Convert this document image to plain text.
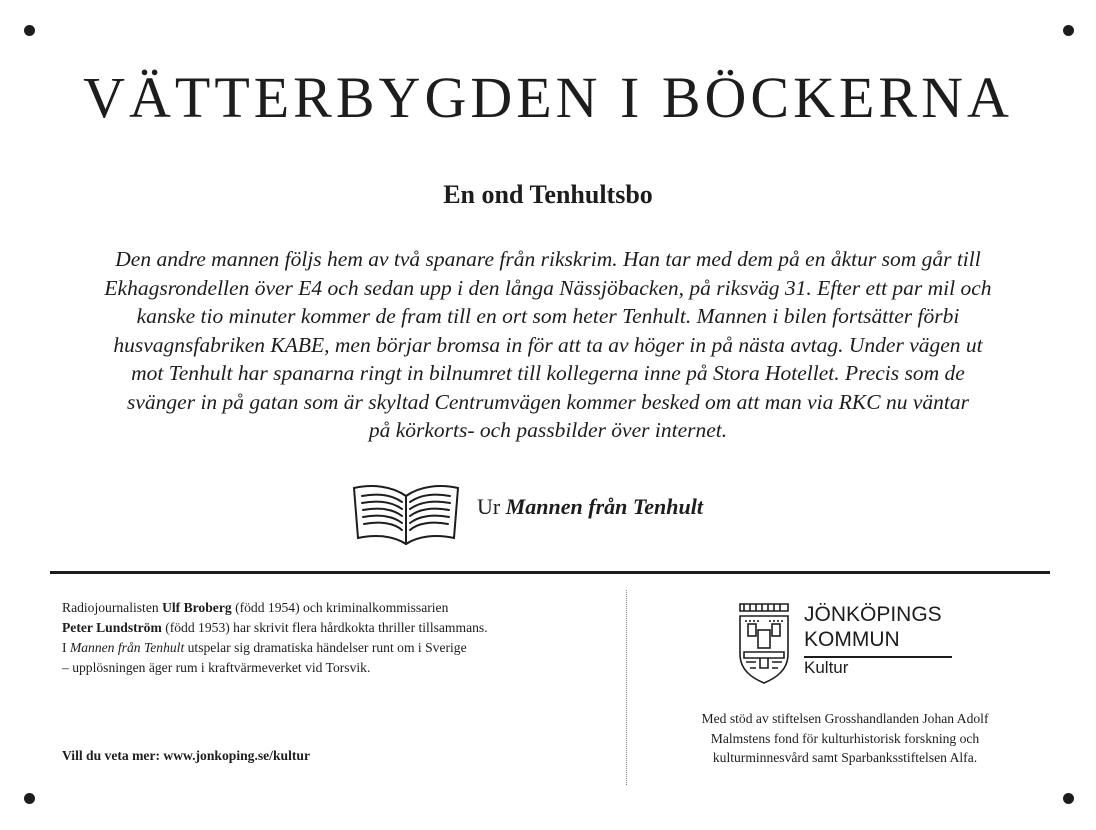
VÄTTERBYGDEN I BÖCKERNA
En ond Tenhultsbo

Den andre mannen följs hem av två spanare från rikskrim. Han tar med dem på en åktur som går till
Ekhagsrondellen över E4 och sedan upp i den långa Nässjöbacken, på riksväg 31. Efter ett par mil och
kanske tio minuter kommer de fram till en ort som heter Tenhult. Mannen i bilen fortsätter förbi
husvagnsfabriken KABE, men börjar bromsa in för att ta av höger in på nästa avtag. Under vägen ut
mot Tenhult har spanarna ringt in bilnumret till kollegerna inne på Stora Hotellet. Precis som de
svänger in på gatan som är skyltad Centrumvägen kommer besked om att man via RKC nu väntar
på körkorts- och passbilder över internet.

Ur Mannen från Tenhult
Radiojournalisten Ulf Broberg (född 1954) och kriminalkommissarien
Peter Lundström (född 1953) har skrivit flera hårdkokta thriller tillsammans.
I Mannen från Tenhult utspelar sig dramatiska händelser runt om i Sverige
– upplösningen äger rum i kraftvärmeverket vid Torsvik.
Vill du veta mer: www.jonkoping.se/kultur
JÖNKÖPINGS
KOMMUN
Kultur
Med stöd av stiftelsen Grosshandlanden Johan Adolf
Malmstens fond för kulturhistorisk forskning och
kulturminnesvård samt Sparbanksstiftelsen Alfa.
